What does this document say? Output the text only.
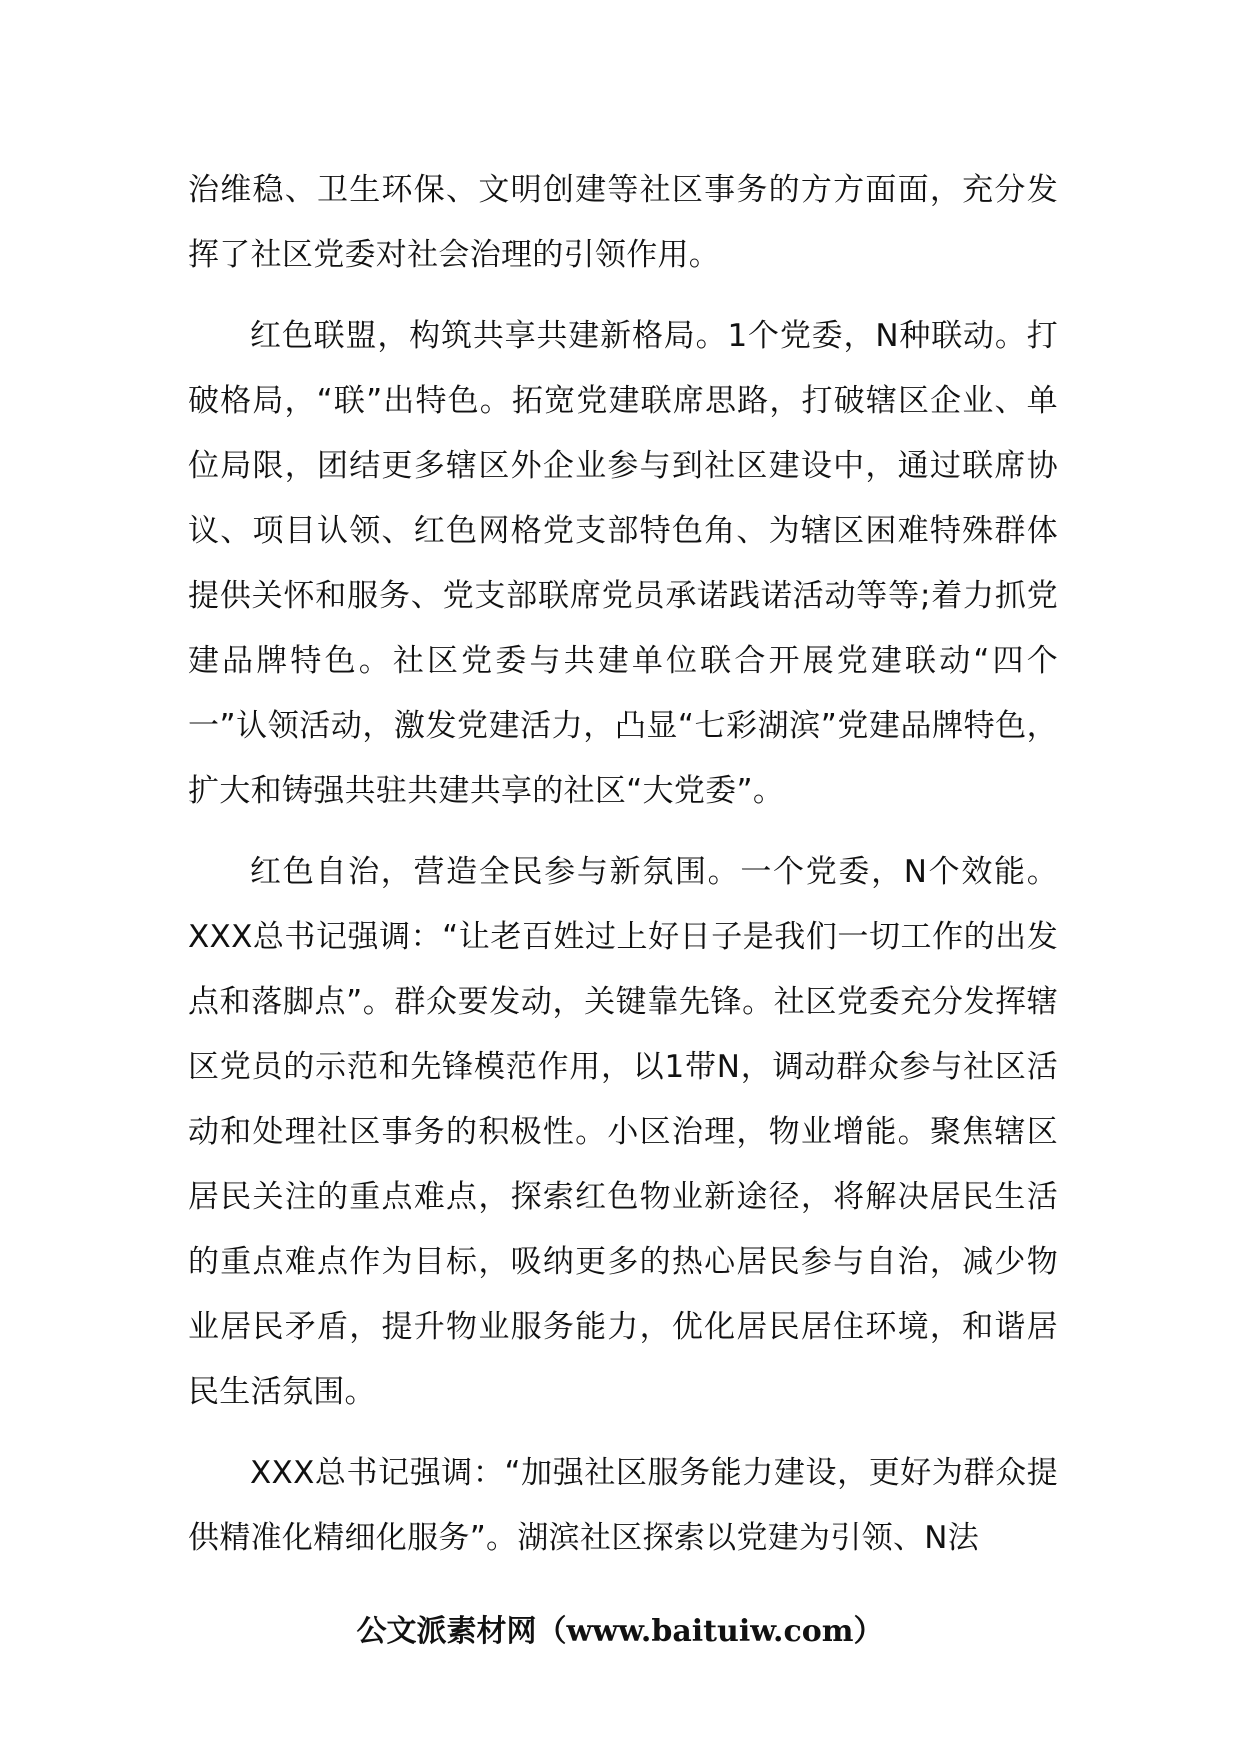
治维稳、卫生环保、文明创建等社区事务的方方面面，充分发挥了社区党委对社会治理的引领作用。

红色联盟，构筑共享共建新格局。1个党委，N种联动。打破格局，“联”出特色。拓宽党建联席思路，打破辖区企业、单位局限，团结更多辖区外企业参与到社区建设中，通过联席协议、项目认领、红色网格党支部特色角、为辖区困难特殊群体提供关怀和服务、党支部联席党员承诺践诺活动等等;着力抓党建品牌特色。社区党委与共建单位联合开展党建联动“四个一”认领活动，激发党建活力，凸显“七彩湖滨”党建品牌特色，扩大和铸强共驻共建共享的社区“大党委”。

红色自治，营造全民参与新氛围。一个党委，N个效能。XXX总书记强调：“让老百姓过上好日子是我们一切工作的出发点和落脚点”。群众要发动，关键靠先锋。社区党委充分发挥辖区党员的示范和先锋模范作用，以1带N，调动群众参与社区活动和处理社区事务的积极性。小区治理，物业增能。聚焦辖区居民关注的重点难点，探索红色物业新途径，将解决居民生活的重点难点作为目标，吸纳更多的热心居民参与自治，减少物业居民矛盾，提升物业服务能力，优化居民居住环境，和谐居民生活氛围。

XXX总书记强调：“加强社区服务能力建设，更好为群众提供精准化精细化服务”。湖滨社区探索以党建为引领、N法

公文派素材网（www.baituiw.com）
